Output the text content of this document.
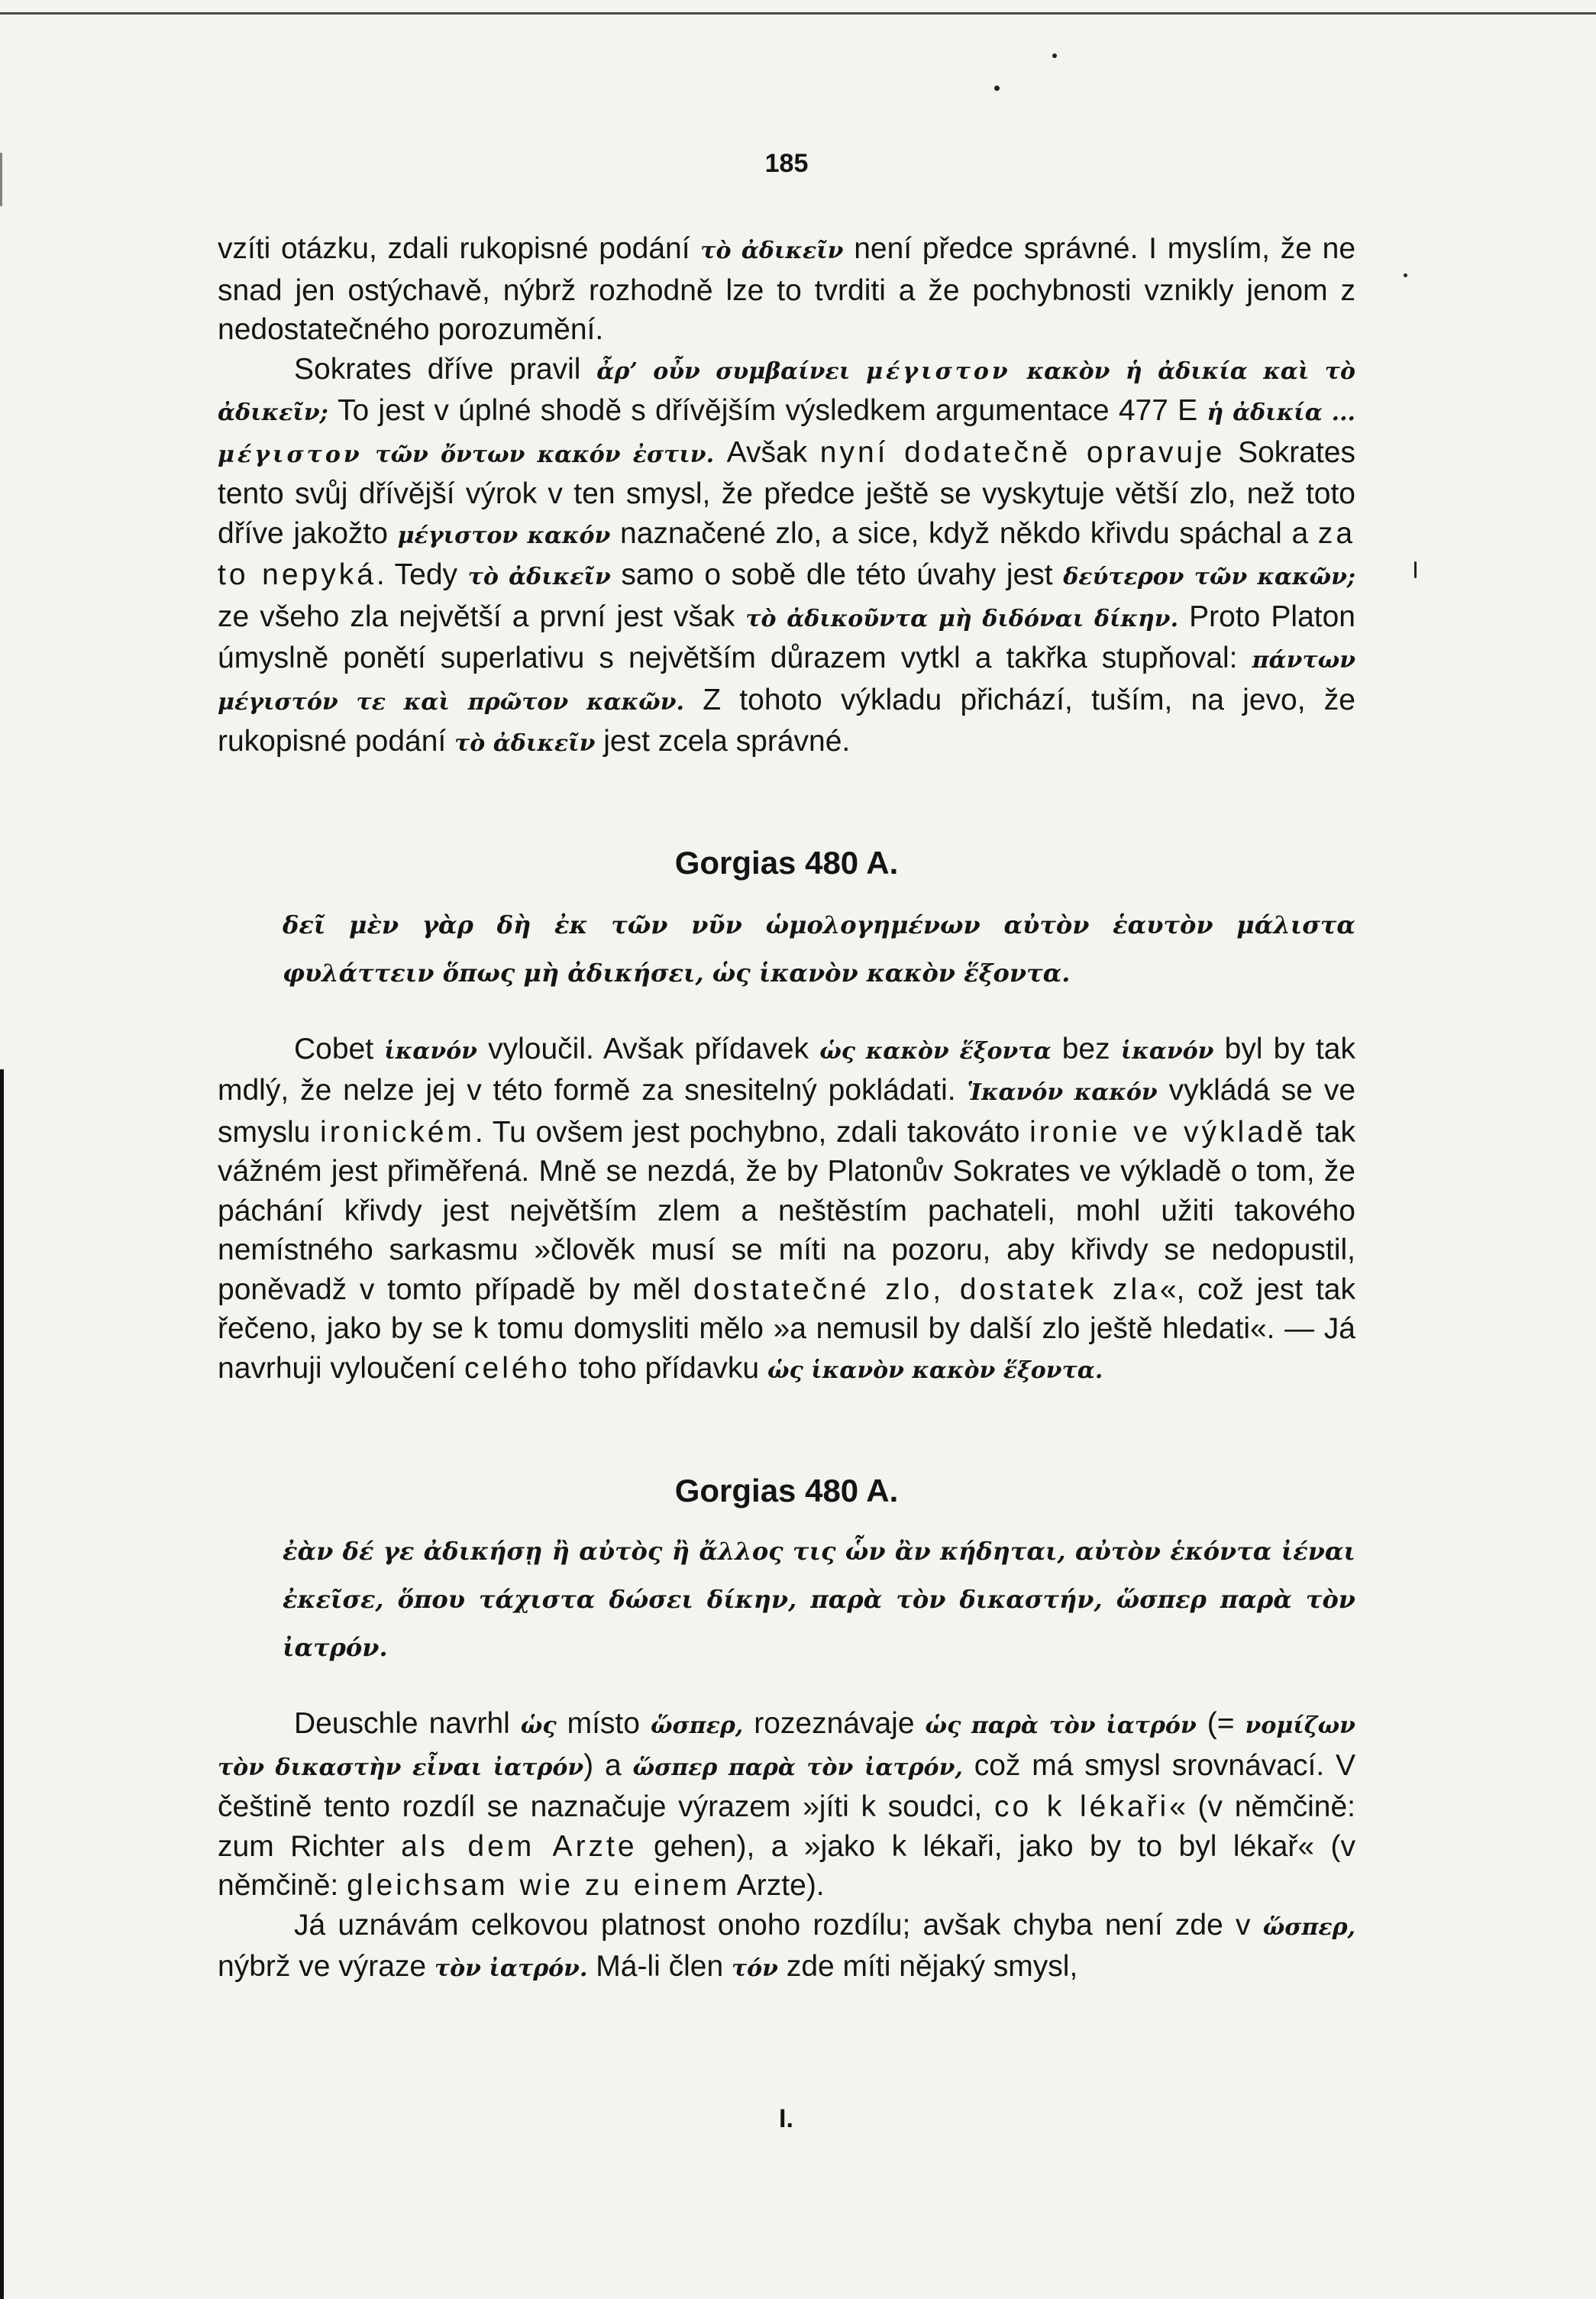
185

vzíti otázku, zdali rukopisné podání τὸ ἀδικεῖν není předce správné. I myslím, že ne snad jen ostýchavě, nýbrž rozhodně lze to tvrditi a že pochybnosti vznikly jenom z nedostatečného porozumění.

Sokrates dříve pravil ἆρ’ οὖν συμβαίνει μέγιστον κακὸν ἡ ἀδικία καὶ τὸ ἀδικεῖν; To jest v úplné shodě s dřívějším výsledkem argumentace 477 E ἡ ἀδικία ... μέγιστον τῶν ὄντων κακόν ἐστιν. Avšak nyní dodatečně opravuje Sokrates tento svůj dřívější výrok v ten smysl, že předce ještě se vyskytuje větší zlo, než toto dříve jakožto μέγιστον κακόν naznačené zlo, a sice, když někdo křivdu spáchal a za to nepyká. Tedy τὸ ἀδικεῖν samo o sobě dle této úvahy jest δεύτερον τῶν κακῶν; ze všeho zla největší a první jest však τὸ ἀδικοῦντα μὴ διδόναι δίκην. Proto Platon úmyslně ponětí superlativu s největším důrazem vytkl a takřka stupňoval: πάντων μέγιστόν τε καὶ πρῶτον κακῶν. Z tohoto výkladu přichází, tuším, na jevo, že rukopisné podání τὸ ἀδικεῖν jest zcela správné.

Gorgias 480 A.

δεῖ μὲν γὰρ δὴ ἐκ τῶν νῦν ὡμολογημένων αὐτὸν ἑαυτὸν μάλιστα φυλάττειν ὅπως μὴ ἀδικήσει, ὡς ἱκανὸν κακὸν ἕξοντα.

Cobet ἱκανόν vyloučil. Avšak přídavek ὡς κακὸν ἕξοντα bez ἱκανόν byl by tak mdlý, že nelze jej v této formě za snesitelný pokládati. Ἱκανόν κακόν vykládá se ve smyslu ironickém. Tu ovšem jest pochybno, zdali takováto ironie ve výkladě tak vážném jest přiměřená. Mně se nezdá, že by Platonův Sokrates ve výkladě o tom, že páchání křivdy jest největším zlem a neštěstím pachateli, mohl užiti takového nemístného sarkasmu »člověk musí se míti na pozoru, aby křivdy se nedopustil, poněvadž v tomto případě by měl dostatečné zlo, dostatek zla«, což jest tak řečeno, jako by se k tomu domysliti mělo »a nemusil by další zlo ještě hledati«. — Já navrhuji vyloučení celého toho přídavku ὡς ἱκανὸν κακὸν ἕξοντα.

Gorgias 480 A.

ἐὰν δέ γε ἀδικήσῃ ἢ αὐτὸς ἢ ἄλλος τις ὧν ἂν κήδηται, αὐτὸν ἑκόντα ἰέναι ἐκεῖσε, ὅπου τάχιστα δώσει δίκην, παρὰ τὸν δικαστήν, ὥσπερ παρὰ τὸν ἰατρόν.

Deuschle navrhl ὡς místo ὥσπερ, rozeznávaje ὡς παρὰ τὸν ἰατρόν (= νομίζων τὸν δικαστὴν εἶναι ἰατρόν) a ὥσπερ παρὰ τὸν ἰατρόν, což má smysl srovnávací. V češtině tento rozdíl se naznačuje výrazem »jíti k soudci, co k lékaři« (v němčině: zum Richter als dem Arzte gehen), a »jako k lékaři, jako by to byl lékař« (v němčině: gleichsam wie zu einem Arzte).

Já uznávám celkovou platnost onoho rozdílu; avšak chyba není zde v ὥσπερ, nýbrž ve výraze τὸν ἰατρόν. Má-li člen τόν zde míti nějaký smysl,

I.
